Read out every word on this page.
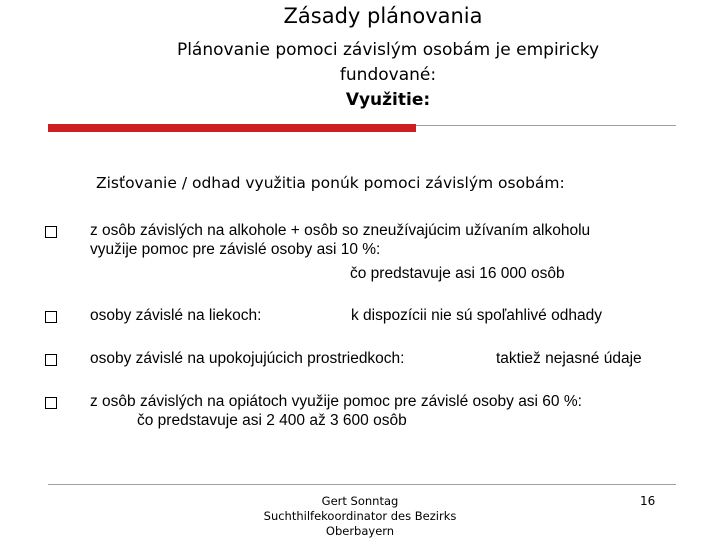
Zásady plánovania
Plánovanie pomoci závislým osobám je empiricky
fundované:
Využitie:
Zisťovanie / odhad využitia ponúk pomoci závislým osobám:
z osôb závislých na alkohole + osôb so zneužívajúcim užívaním alkoholu
využije pomoc pre závislé osoby asi 10 %:
čo predstavuje asi 16 000 osôb
osoby závislé na liekoch:	k dispozícii nie sú spoľahlivé odhady
osoby závislé na upokojujúcich prostriedkoch:	taktiež nejasné údaje
z osôb závislých na opiátoch využije pomoc pre závislé osoby asi 60 %:
čo predstavuje asi 2 400 až 3 600 osôb
Gert Sonntag
Suchthilfekoordinator des Bezirks
Oberbayern
16
